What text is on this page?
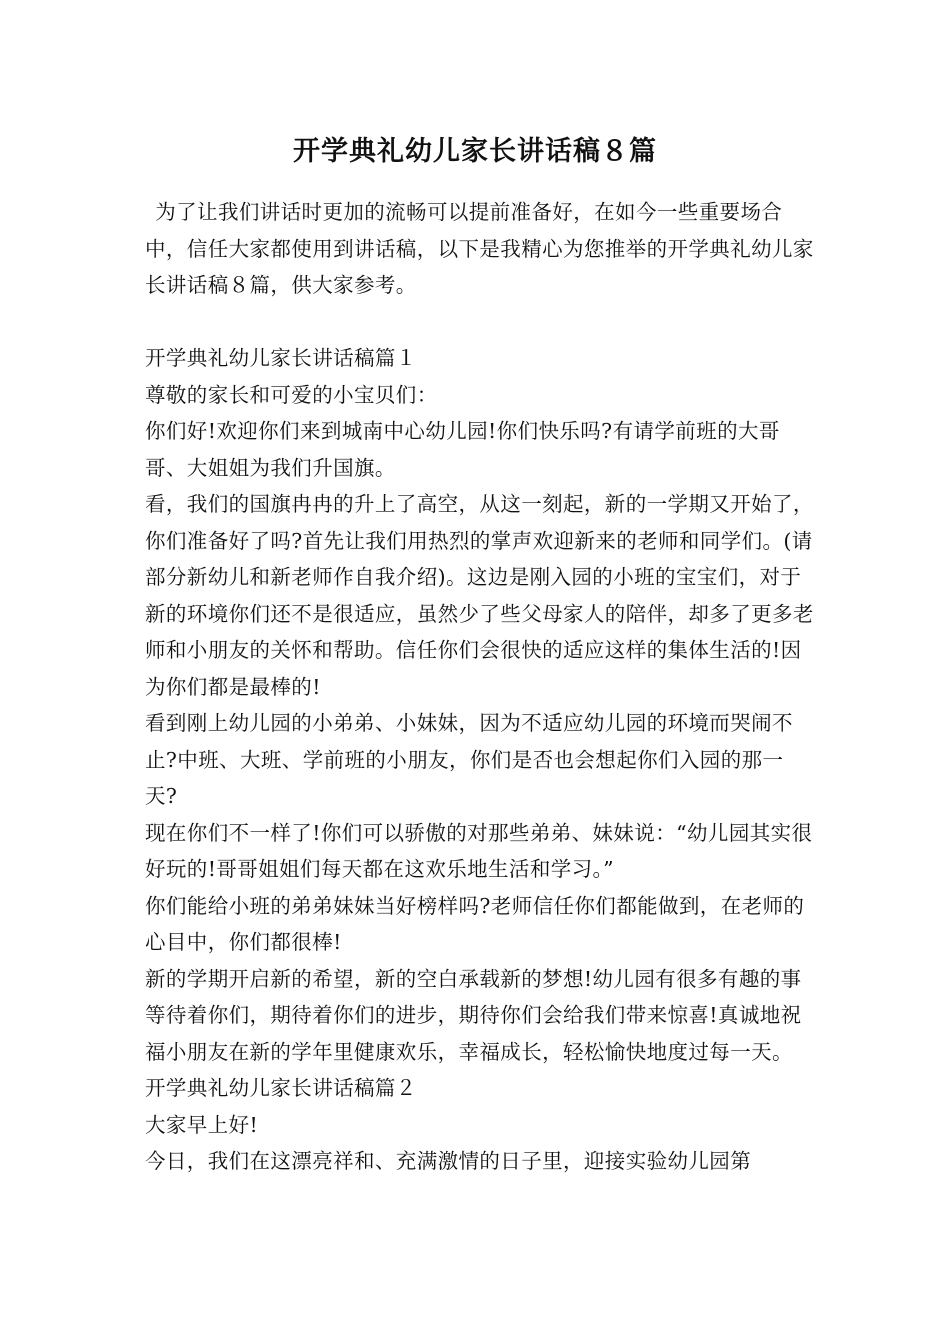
开学典礼幼儿家长讲话稿８篇

为了让我们讲话时更加的流畅可以提前准备好，在如今一些重要场合中，信任大家都使用到讲话稿，以下是我精心为您推举的开学典礼幼儿家长讲话稿８篇，供大家参考。

开学典礼幼儿家长讲话稿篇１

尊敬的家长和可爱的小宝贝们：

你们好!欢迎你们来到城南中心幼儿园!你们快乐吗?有请学前班的大哥哥、大姐姐为我们升国旗。

看，我们的国旗冉冉的升上了高空，从这一刻起，新的一学期又开始了，你们准备好了吗?首先让我们用热烈的掌声欢迎新来的老师和同学们。(请部分新幼儿和新老师作自我介绍)。这边是刚入园的小班的宝宝们，对于新的环境你们还不是很适应，虽然少了些父母家人的陪伴，却多了更多老师和小朋友的关怀和帮助。信任你们会很快的适应这样的集体生活的!因为你们都是最棒的!

看到刚上幼儿园的小弟弟、小妹妹，因为不适应幼儿园的环境而哭闹不止?中班、大班、学前班的小朋友，你们是否也会想起你们入园的那一天?

现在你们不一样了!你们可以骄傲的对那些弟弟、妹妹说：“幼儿园其实很好玩的!哥哥姐姐们每天都在这欢乐地生活和学习。”

你们能给小班的弟弟妹妹当好榜样吗?老师信任你们都能做到，在老师的心目中，你们都很棒!

新的学期开启新的希望，新的空白承载新的梦想!幼儿园有很多有趣的事等待着你们，期待着你们的进步，期待你们会给我们带来惊喜!真诚地祝福小朋友在新的学年里健康欢乐，幸福成长，轻松愉快地度过每一天。

开学典礼幼儿家长讲话稿篇２

大家早上好!

今日，我们在这漂亮祥和、充满激情的日子里，迎接实验幼儿园第
